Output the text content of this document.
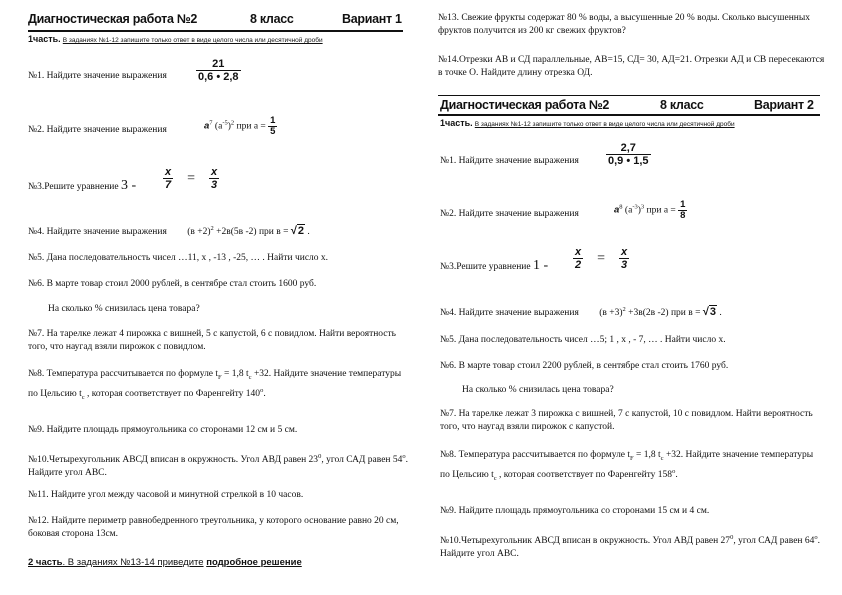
Диагностическая работа №2	8 класс	Вариант 1
1часть. В заданиях №1-12 запишите только ответ в виде целого числа или десятичной дроби
№1. Найдите значение выражения	$\frac{21}{0,6 • 2,8}$
№2. Найдите значение выражения	$a^7$ $(a^{-5})^2$ при $a = \frac{1}{5}$
№3.Решите уравнение $3 - \frac{x}{7} = \frac{x}{3}$
№4. Найдите значение выражения $(в +2)^2 +2в(5в$ -2) при в = √2 .
№5. Дана последовательность чисел …11, x , -13 , -25, … . Найти число x.
№6. В марте товар стоил 2000 рублей, в сентябре стал стоить 1600 руб.
На сколько % снизилась цена товара?
№7. На тарелке лежат 4 пирожка с вишней, 5 с капустой, 6 с повидлом. Найти вероятность того, что наугад взяли пирожок с повидлом.
№8. Температура рассчитывается по формуле $t_F = 1,8$ $t_c +32$. Найдите значение температуры по Цельсию $t_c$ , которая соответствует по Фаренгейту 140$^o$.
№9. Найдите площадь прямоугольника со сторонами 12 см и 5 см.
№10.Четырехугольник АВСД вписан в окружность. Угол АВД равен $23^0$, угол САД равен 54$^o$. Найдите угол АВС.
№11. Найдите угол между часовой и минутной стрелкой в 10 часов.
№12. Найдите периметр равнобедренного треугольника, у которого основание равно 20 см, боковая сторона 13см.
2 часть. В заданиях №13-14 приведите подробное решение
№13. Свежие фрукты содержат 80 % воды, а высушенные 20 % воды. Сколько высушенных фруктов получится из 200 кг свежих фруктов?
№14.Отрезки АВ и СД параллельные, АВ=15, СД= 30, АД=21. Отрезки АД и СВ пересекаются в точке О. Найдите длину отрезка ОД.
Диагностическая работа №2	8 класс	Вариант 2
1часть. В заданиях №1-12 запишите только ответ в виде целого числа или десятичной дроби
№1. Найдите значение выражения $\frac{2,7}{0,9 • 1,5}$
№2. Найдите значение выражения	$a^8$ $(a^{-3})^3$ при $a = \frac{1}{8}$
№3.Решите уравнение $1 - \frac{x}{2} = \frac{x}{3}$
№4. Найдите значение выражения $(в +3)^2 +3в(2в$ -2) при в = √3 .
№5. Дана последовательность чисел …5; 1 , x , - 7, … . Найти число x.
№6. В марте товар стоил 2200 рублей, в сентябре стал стоить 1760 руб.
На сколько % снизилась цена товара?
№7. На тарелке лежат 3 пирожка с вишней, 7 с капустой, 10 с повидлом. Найти вероятность того, что наугад взяли пирожок с капустой.
№8. Температура рассчитывается по формуле $t_F = 1,8$ $t_c +32$. Найдите значение температуры по Цельсию $t_c$ , которая соответствует по Фаренгейту 158$^o$.
№9. Найдите площадь прямоугольника со сторонами 15 см и 4 см.
№10.Четырехугольник АВСД вписан в окружность. Угол АВД равен $27^0$, угол САД равен 64$^o$. Найдите угол АВС.
